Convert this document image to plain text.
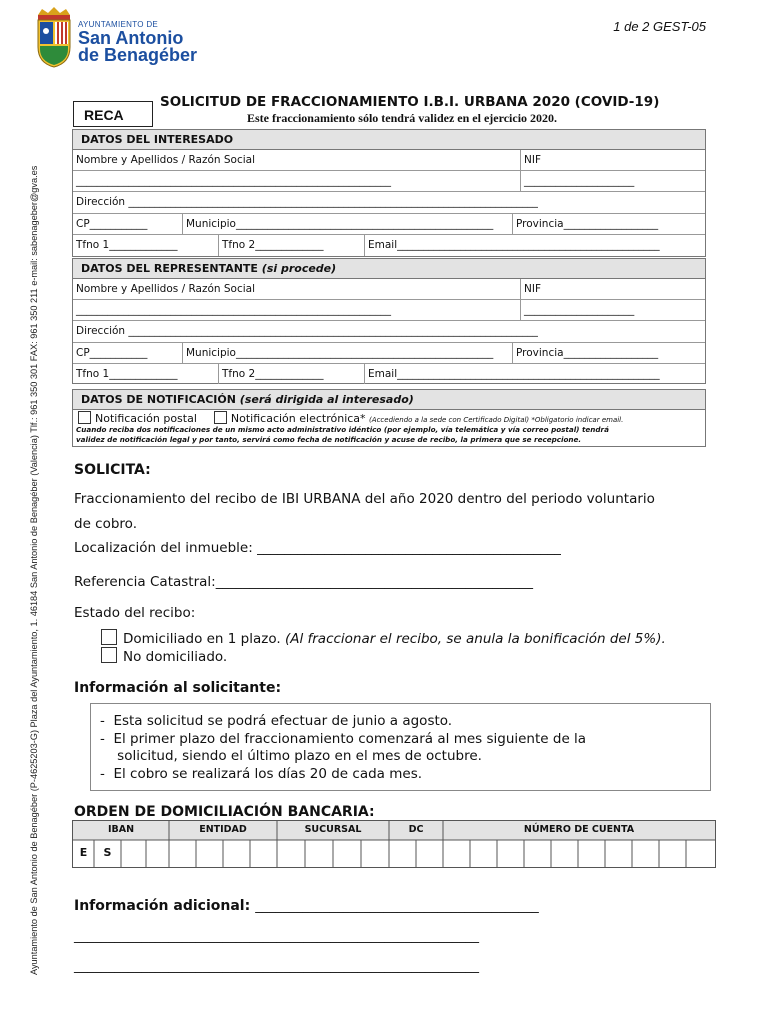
Ayuntamiento de San Antonio de Benagéber (P-4625203-G) Plaza del Ayuntamiento, 1. 46184 San Antonio de Benagéber (Valencia) Tlf.: 961 350 301 FAX: 961 350 211 e-mail: sabenageber@gva.es
AYUNTAMIENTO DE
San Antonio
de Benagéber
1 de 2 GEST-05
RECA
SOLICITUD DE FRACCIONAMIENTO I.B.I. URBANA 2020 (COVID-19)
Este fraccionamiento sólo tendrá validez en el ejercicio 2020.
DATOS DEL INTERESADO
Nombre y Apellidos / Razón Social	NIF
____________________________________________________________	_____________________
Dirección ______________________________________________________________________________
CP___________	Municipio_________________________________________________	Provincia__________________
Tfno 1_____________	Tfno 2_____________	Email__________________________________________________
DATOS DEL REPRESENTANTE (si procede)
Nombre y Apellidos / Razón Social	NIF
____________________________________________________________	_____________________
Dirección ______________________________________________________________________________
CP___________	Municipio_________________________________________________	Provincia__________________
Tfno 1_____________	Tfno 2_____________	Email__________________________________________________
DATOS DE NOTIFICACIÓN (será dirigida al interesado)
Notificación postal	Notificación electrónica* (Accediendo a la sede con Certificado Digital) *Obligatorio indicar email.
Cuando reciba dos notificaciones de un mismo acto administrativo idéntico (por ejemplo, vía telemática y vía correo postal) tendrá
validez de notificación legal y por tanto, servirá como fecha de notificación y acuse de recibo, la primera que se recepcione.
SOLICITA:
Fraccionamiento del recibo de IBI URBANA del año 2020 dentro del periodo voluntario
de cobro.
Localización del inmueble: _____________________________________________
Referencia Catastral:_______________________________________________
Estado del recibo:
Domiciliado en 1 plazo. (Al fraccionar el recibo, se anula la bonificación del 5%).
No domiciliado.
Información al solicitante:
-  Esta solicitud se podrá efectuar de junio a agosto.
-  El primer plazo del fraccionamiento comenzará al mes siguiente de la
solicitud, siendo el último plazo en el mes de octubre.
-  El cobro se realizará los días 20 de cada mes.
ORDEN DE DOMICILIACIÓN BANCARIA:
IBAN	ENTIDAD	SUCURSAL	DC	NÚMERO DE CUENTA
E	S
Información adicional: __________________________________________
____________________________________________________________
____________________________________________________________
